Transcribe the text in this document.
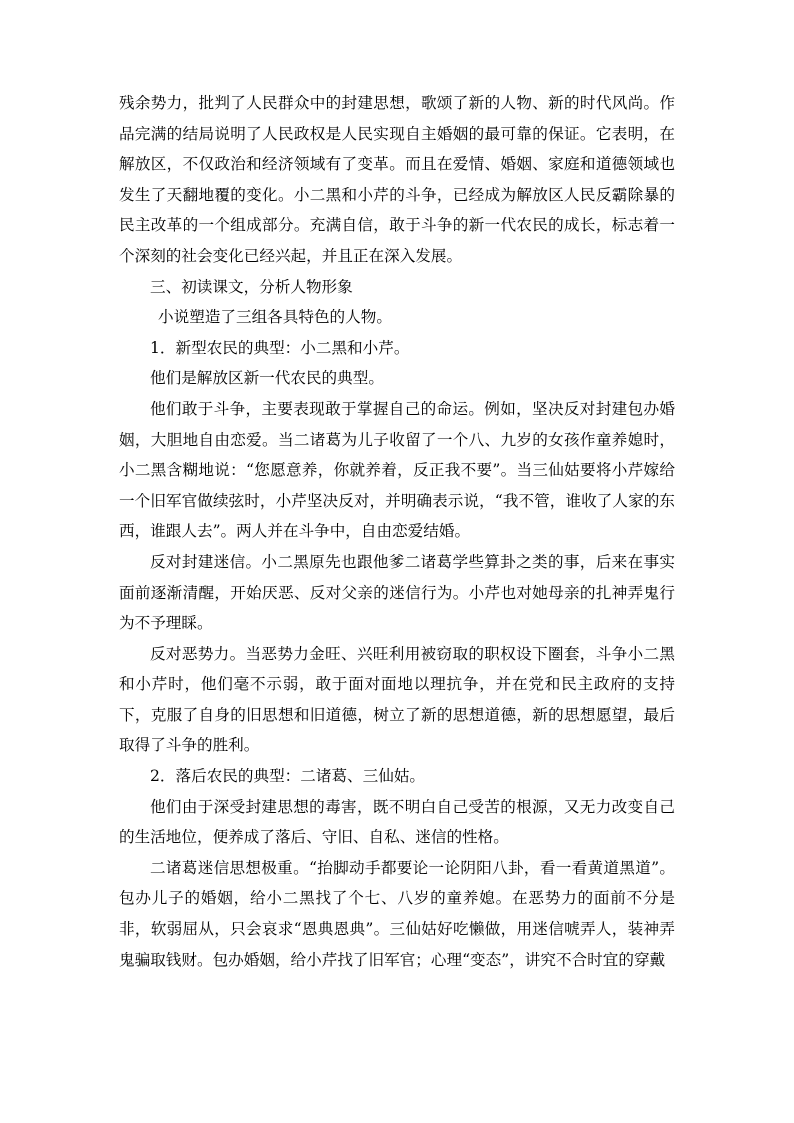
残余势力，批判了人民群众中的封建思想，歌颂了新的人物、新的时代风尚。作品完满的结局说明了人民政权是人民实现自主婚姻的最可靠的保证。它表明，在解放区，不仅政治和经济领域有了变革。而且在爱情、婚姻、家庭和道德领域也发生了天翻地覆的变化。小二黑和小芹的斗争，已经成为解放区人民反霸除暴的民主改革的一个组成部分。充满自信，敢于斗争的新一代农民的成长，标志着一个深刻的社会变化已经兴起，并且正在深入发展。

三、初读课文，分析人物形象

小说塑造了三组各具特色的人物。

1．新型农民的典型：小二黑和小芹。

他们是解放区新一代农民的典型。

他们敢于斗争，主要表现敢于掌握自己的命运。例如，坚决反对封建包办婚姻，大胆地自由恋爱。当二诸葛为儿子收留了一个八、九岁的女孩作童养媳时，小二黑含糊地说：“您愿意养，你就养着，反正我不要”。当三仙姑要将小芹嫁给一个旧军官做续弦时，小芹坚决反对，并明确表示说，“我不管，谁收了人家的东西，谁跟人去”。两人并在斗争中，自由恋爱结婚。

反对封建迷信。小二黑原先也跟他爹二诸葛学些算卦之类的事，后来在事实面前逐渐清醒，开始厌恶、反对父亲的迷信行为。小芹也对她母亲的扎神弄鬼行为不予理睬。

反对恶势力。当恶势力金旺、兴旺利用被窃取的职权设下圈套，斗争小二黑和小芹时，他们毫不示弱，敢于面对面地以理抗争，并在党和民主政府的支持下，克服了自身的旧思想和旧道德，树立了新的思想道德，新的思想愿望，最后取得了斗争的胜利。

2．落后农民的典型：二诸葛、三仙姑。

他们由于深受封建思想的毒害，既不明白自己受苦的根源，又无力改变自己的生活地位，便养成了落后、守旧、自私、迷信的性格。

二诸葛迷信思想极重。“抬脚动手都要论一论阴阳八卦，看一看黄道黑道”。包办儿子的婚姻，给小二黑找了个七、八岁的童养媳。在恶势力的面前不分是非，软弱屈从，只会哀求“恩典恩典”。三仙姑好吃懒做，用迷信唬弄人，装神弄鬼骗取钱财。包办婚姻，给小芹找了旧军官；心理“变态”，讲究不合时宜的穿戴
